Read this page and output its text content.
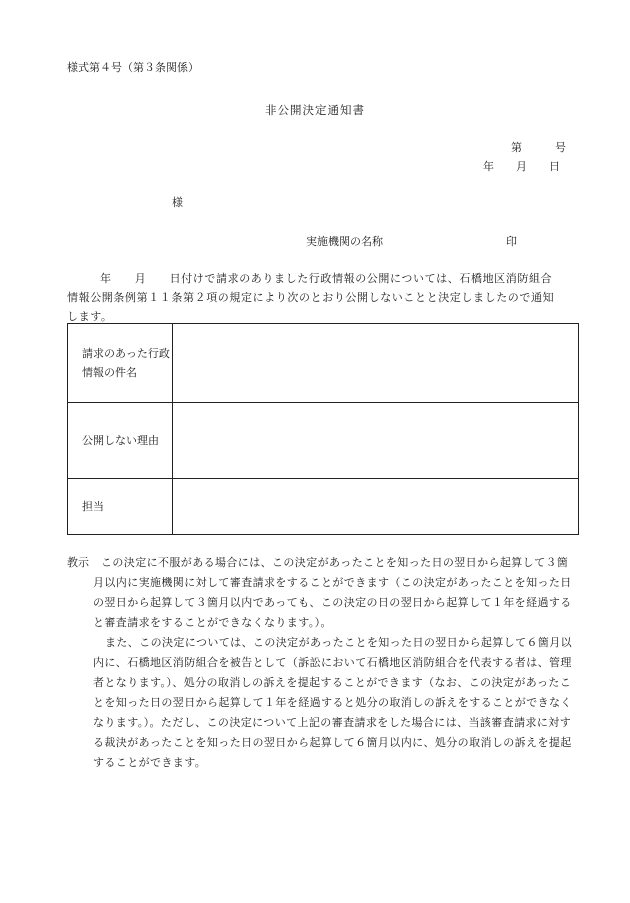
様式第４号（第３条関係）
非公開決定通知書
第　　　号
年　　月　　日
様
実施機関の名称	印
年　　月　　日付けで請求のありました行政情報の公開については、石橋地区消防組合情報公開条例第１１条第２項の規定により次のとおり公開しないことと決定しましたので通知します。
請求のあった行政情報の件名	
公開しない理由	
担当	
教示	この決定に不服がある場合には、この決定があったことを知った日の翌日から起算して３箇月以内に実施機関に対して審査請求をすることができます（この決定があったことを知った日の翌日から起算して３箇月以内であっても、この決定の日の翌日から起算して１年を経過すると審査請求をすることができなくなります。）。
また、この決定については、この決定があったことを知った日の翌日から起算して６箇月以内に、石橋地区消防組合を被告として（訴訟において石橋地区消防組合を代表する者は、管理者となります。）、処分の取消しの訴えを提起することができます（なお、この決定があったことを知った日の翌日から起算して１年を経過すると処分の取消しの訴えをすることができなくなります。）。ただし、この決定について上記の審査請求をした場合には、当該審査請求に対する裁決があったことを知った日の翌日から起算して６箇月以内に、処分の取消しの訴えを提起することができます。
